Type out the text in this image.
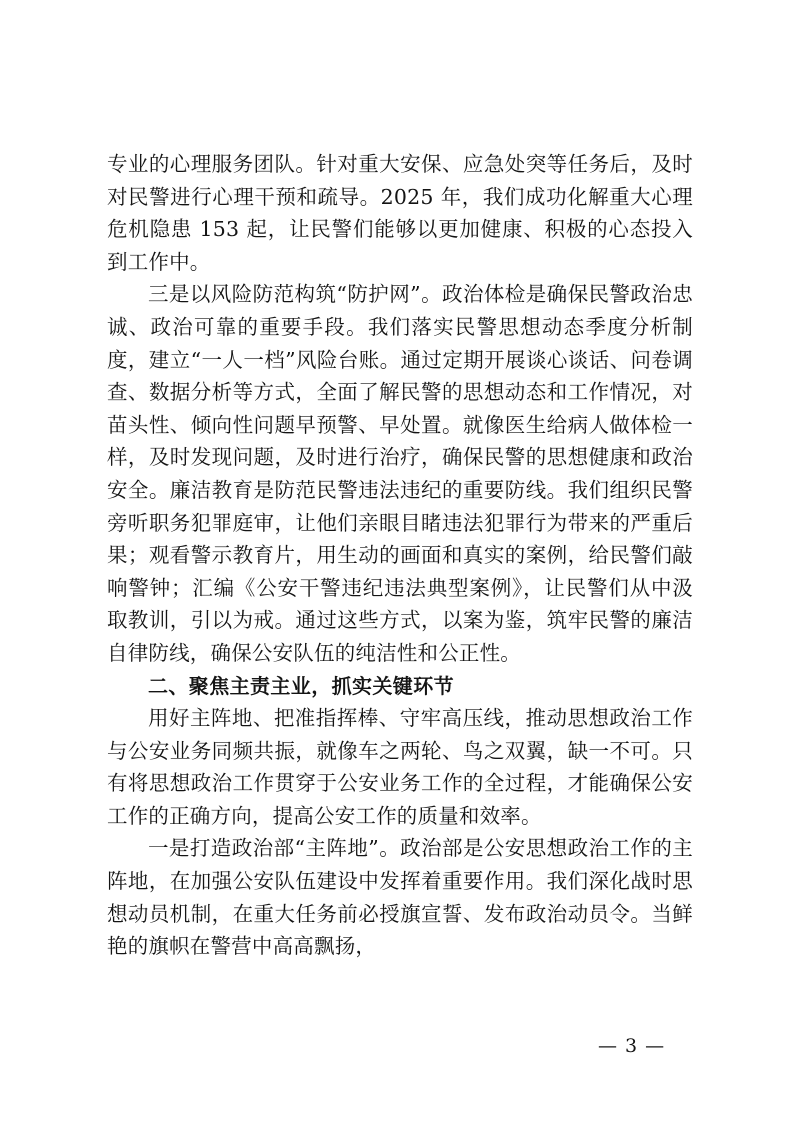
专业的心理服务团队。针对重大安保、应急处突等任务后，及时对民警进行心理干预和疏导。2025 年，我们成功化解重大心理危机隐患 153 起，让民警们能够以更加健康、积极的心态投入到工作中。

三是以风险防范构筑“防护网”。政治体检是确保民警政治忠诚、政治可靠的重要手段。我们落实民警思想动态季度分析制度，建立“一人一档”风险台账。通过定期开展谈心谈话、问卷调查、数据分析等方式，全面了解民警的思想动态和工作情况，对苗头性、倾向性问题早预警、早处置。就像医生给病人做体检一样，及时发现问题，及时进行治疗，确保民警的思想健康和政治安全。廉洁教育是防范民警违法违纪的重要防线。我们组织民警旁听职务犯罪庭审，让他们亲眼目睹违法犯罪行为带来的严重后果；观看警示教育片，用生动的画面和真实的案例，给民警们敲响警钟；汇编《公安干警违纪违法典型案例》，让民警们从中汲取教训，引以为戒。通过这些方式，以案为鉴，筑牢民警的廉洁自律防线，确保公安队伍的纯洁性和公正性。

二、聚焦主责主业，抓实关键环节

用好主阵地、把准指挥棒、守牢高压线，推动思想政治工作与公安业务同频共振，就像车之两轮、鸟之双翼，缺一不可。只有将思想政治工作贯穿于公安业务工作的全过程，才能确保公安工作的正确方向，提高公安工作的质量和效率。

一是打造政治部“主阵地”。政治部是公安思想政治工作的主阵地，在加强公安队伍建设中发挥着重要作用。我们深化战时思想动员机制，在重大任务前必授旗宣誓、发布政治动员令。当鲜艳的旗帜在警营中高高飘扬，

— 3 —
